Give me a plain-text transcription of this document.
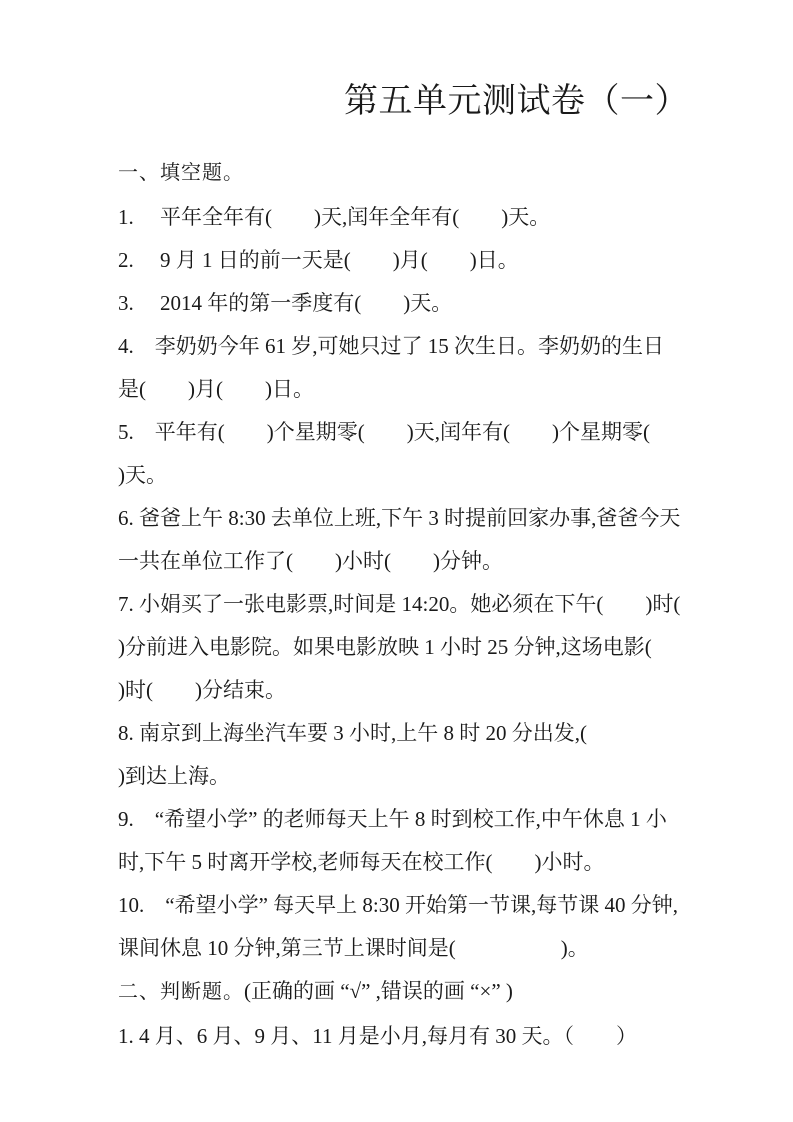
第五单元测试卷（一）
一、填空题。

1.　 平年全年有(　　)天,闰年全年有(　　)天。

2.　 9 月 1 日的前一天是(　　)月(　　)日。

3.　 2014 年的第一季度有(　　)天。

4.　李奶奶今年 61 岁,可她只过了 15 次生日。李奶奶的生日是(　　)月(　　)日。

5.　平年有(　　)个星期零(　　)天,闰年有(　　)个星期零(　　)天。

6. 爸爸上午 8:30 去单位上班,下午 3 时提前回家办事,爸爸今天一共在单位工作了(　　)小时(　　)分钟。

7. 小娟买了一张电影票,时间是 14:20。她必须在下午(　　)时(　　)分前进入电影院。如果电影放映 1 小时 25 分钟,这场电影(　　)时(　　)分结束。

8. 南京到上海坐汽车要 3 小时,上午 8 时 20 分出发,(　　　　　)到达上海。

9.　“希望小学” 的老师每天上午 8 时到校工作,中午休息 1 小时,下午 5 时离开学校,老师每天在校工作(　　)小时。

10.　“希望小学” 每天早上 8:30 开始第一节课,每节课 40 分钟,课间休息 10 分钟,第三节上课时间是(　　　　　)。

二、判断题。(正确的画 “√” ,错误的画 “×” )

1. 4 月、6 月、9 月、11 月是小月,每月有 30 天。（　　）
